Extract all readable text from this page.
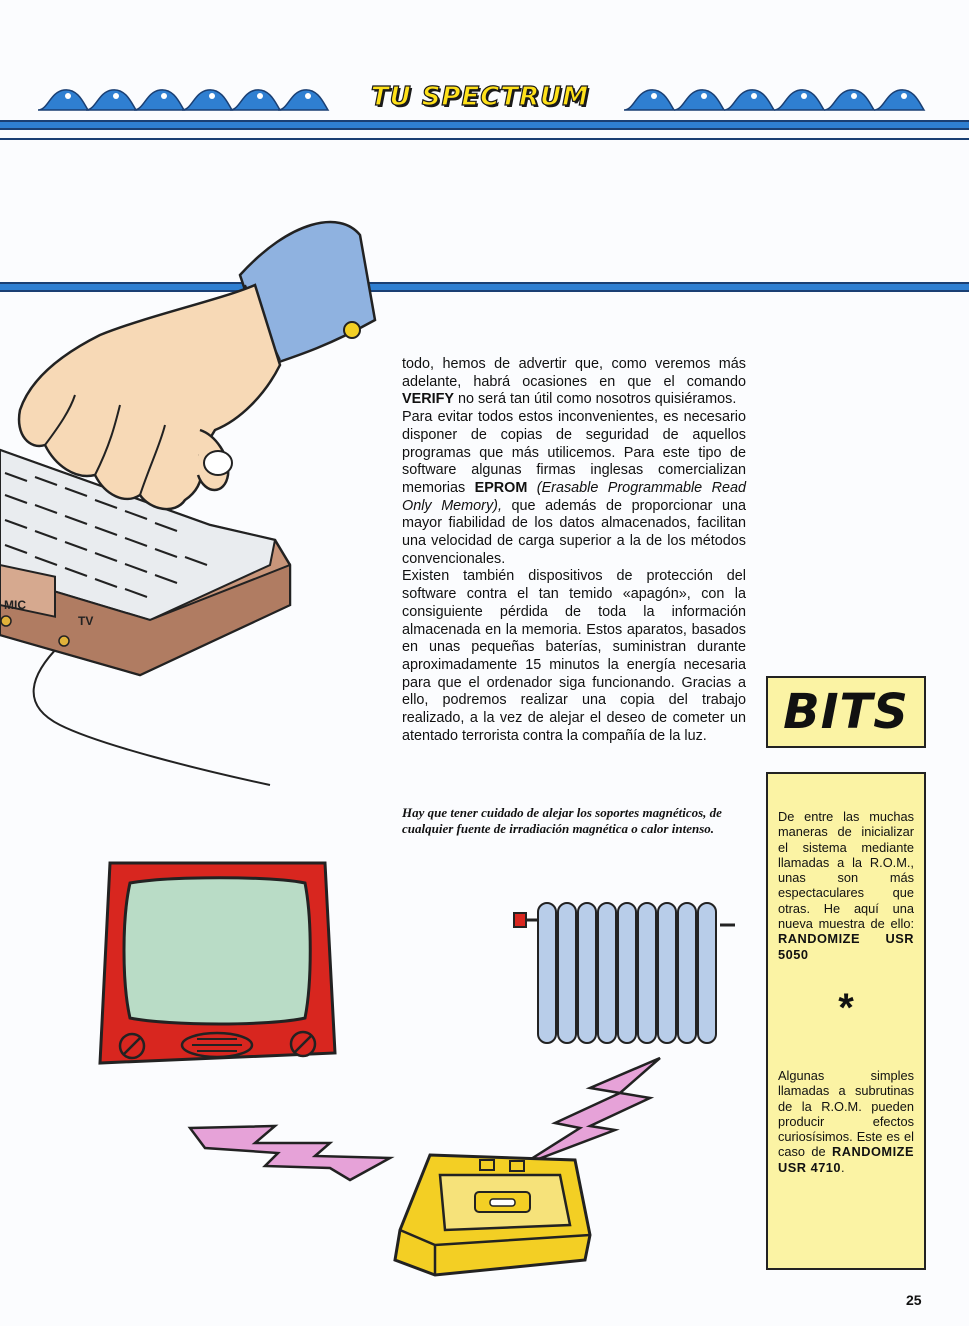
TU SPECTRUM
MIC
TV

todo, hemos de advertir que, como veremos más adelante, habrá ocasiones en que el comando VERIFY no será tan útil como nosotros quisiéramos.

Para evitar todos estos inconvenientes, es necesario disponer de copias de seguridad de aquellos programas que más utilicemos. Para este tipo de software algunas firmas inglesas comercializan memorias EPROM (Erasable Programmable Read Only Memory), que además de proporcionar una mayor fiabilidad de los datos almacenados, facilitan una velocidad de carga superior a la de los métodos convencionales.

Existen también dispositivos de protección del software contra el tan temido «apagón», con la consiguiente pérdida de toda la información almacenada en la memoria. Estos aparatos, basados en unas pequeñas baterías, suministran durante aproximadamente 15 minutos la energía necesaria para que el ordenador siga funcionando. Gracias a ello, podremos realizar una copia del trabajo realizado, a la vez de alejar el deseo de cometer un atentado terrorista contra la compañía de la luz.

Hay que tener cuidado de alejar los soportes magnéticos, de cualquier fuente de irradiación magnética o calor intenso.
BITS
De entre las muchas maneras de inicializar el sistema mediante llamadas a la R.O.M., unas son más espectaculares que otras. He aquí una nueva muestra de ello: RANDOMIZE USR 5050
*
Algunas simples llamadas a subrutinas de la R.O.M. pueden producir efectos curiosísimos. Este es el caso de RANDOMIZE USR 4710.
25
